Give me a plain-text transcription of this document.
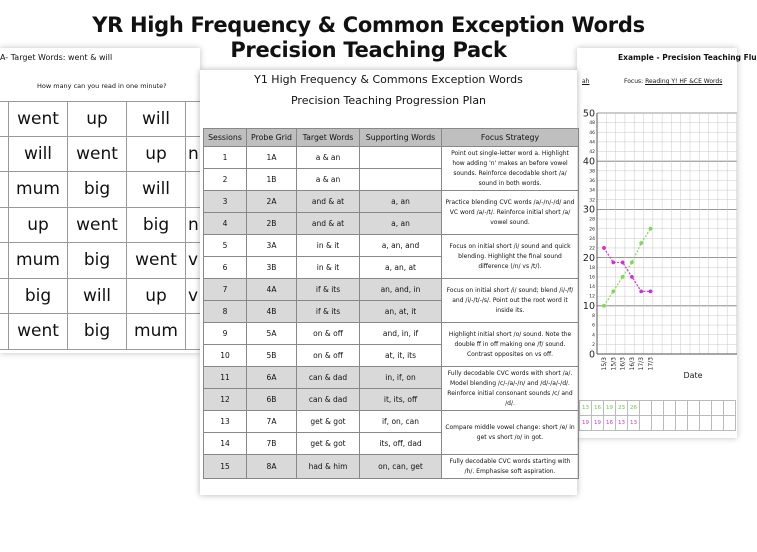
YR High Frequency & Common Exception Words
Precision Teaching Pack
A- Target Words: went & will
How many can you read in one minute?
went	up	will
will	went	up	n
mum	big	will
up	went	big	n
mum	big	went v
big	will	up	v
went	big	mum
Example - Precision Teaching Flu
ah	Focus: Reading Y! HF &CE Words
0
10
20
30
40
50
2
4
6
8
12
14
16
18
22
24
26
28
32
34
36
38
42
44
46
48
15/3 15/3 16/3 16/3 17/3 17/3
Date
13	16	19	23	26								
19	19	16	13	13								
Y1 High Frequency & Commons Exception Words
Precision Teaching Progression Plan
Sessions	Probe Grid	Target Words	Supporting Words	Focus Strategy
1	1A	a & an		Point out single-letter word a. Highlight how adding 'n' makes an before vowel sounds. Reinforce decodable short /a/ sound in both words.
2	1B	a & an		
3	2A	and & at	a, an	Practice blending CVC words /a/-/n/-/d/ and VC word /a/-/t/. Reinforce initial short /a/ vowel sound.
4	2B	and & at	a, an	
5	3A	in & it	a, an, and	Focus on initial short /i/ sound and quick blending. Highlight the final sound difference (/n/ vs /t/).
6	3B	in & it	a, an, at	
7	4A	if & its	an, and, in	Focus on initial short /i/ sound; blend /i/-/f/ and /i/-/t/-/s/. Point out the root word it inside its.
8	4B	if & its	an, at, it	
9	5A	on & off	and, in, if	Highlight initial short /o/ sound. Note the double ff in off making one /f/ sound. Contrast opposites on vs off.
10	5B	on & off	at, it, its	
11	6A	can & dad	in, if, on	Fully decodable CVC words with short /a/. Model blending /c/-/a/-/n/ and /d/-/a/-/d/. Reinforce initial consonant sounds /c/ and /d/.
12	6B	can & dad	it, its, off	
13	7A	get & got	if, on, can	Compare middle vowel change: short /e/ in get vs short /o/ in got.
14	7B	get & got	its, off, dad	
15	8A	had & him	on, can, get	Fully decodable CVC words starting with /h/. Emphasise soft aspiration.
